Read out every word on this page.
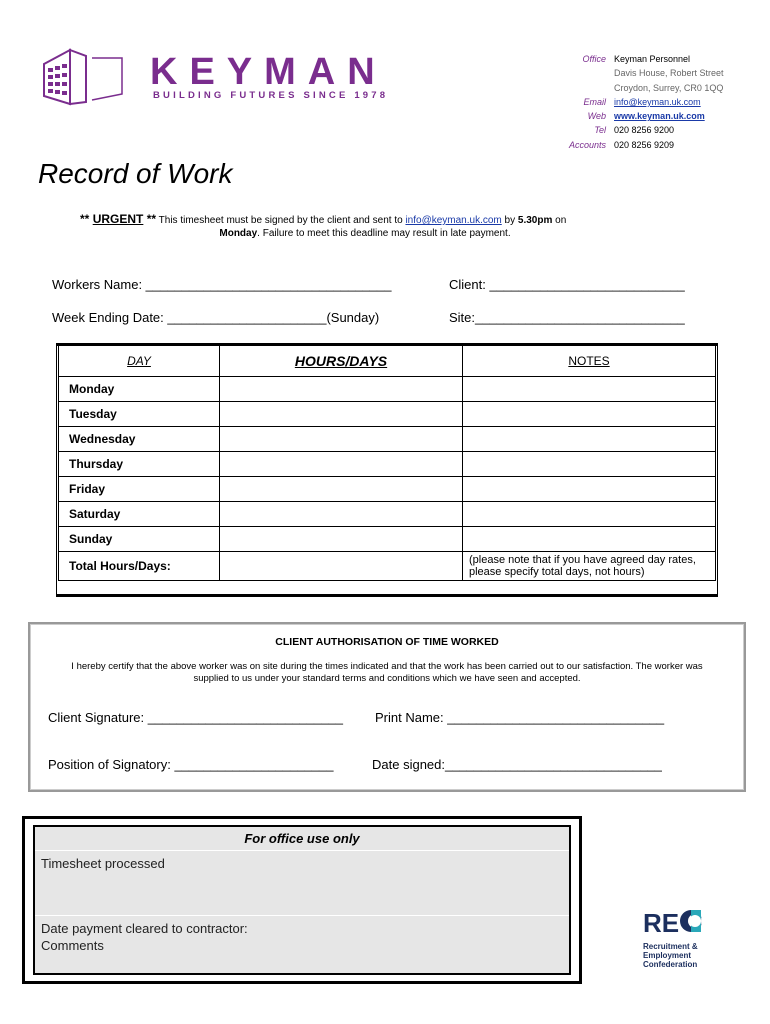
KEYMAN
BUILDING FUTURES SINCE 1978
Office Keyman Personnel
Davis House, Robert Street
Croydon, Surrey, CR0 1QQ
Email info@keyman.uk.com
Web www.keyman.uk.com
Tel 020 8256 9200
Accounts 020 8256 9209
Record of Work
** URGENT ** This timesheet must be signed by the client and sent to info@keyman.uk.com by 5.30pm on
Monday. Failure to meet this deadline may result in late payment.
Workers Name: __________________________________	Client: ___________________________
Week Ending Date: ______________________(Sunday)	Site:_____________________________
DAY	HOURS/DAYS	NOTES
Monday		
Tuesday		
Wednesday		
Thursday		
Friday		
Saturday		
Sunday		
Total Hours/Days:		(please note that if you have agreed day rates, please specify total days, not hours)
CLIENT AUTHORISATION OF TIME WORKED
I hereby certify that the above worker was on site during the times indicated and that the work has been carried out to our satisfaction. The worker was supplied to us under your standard terms and conditions which we have seen and accepted.
Client Signature: ___________________________ Print Name: ______________________________
Position of Signatory: ______________________	Date signed:______________________________
For office use only
Timesheet processed
Date payment cleared to contractor:
Comments
RE
Recruitment &
Employment
Confederation
